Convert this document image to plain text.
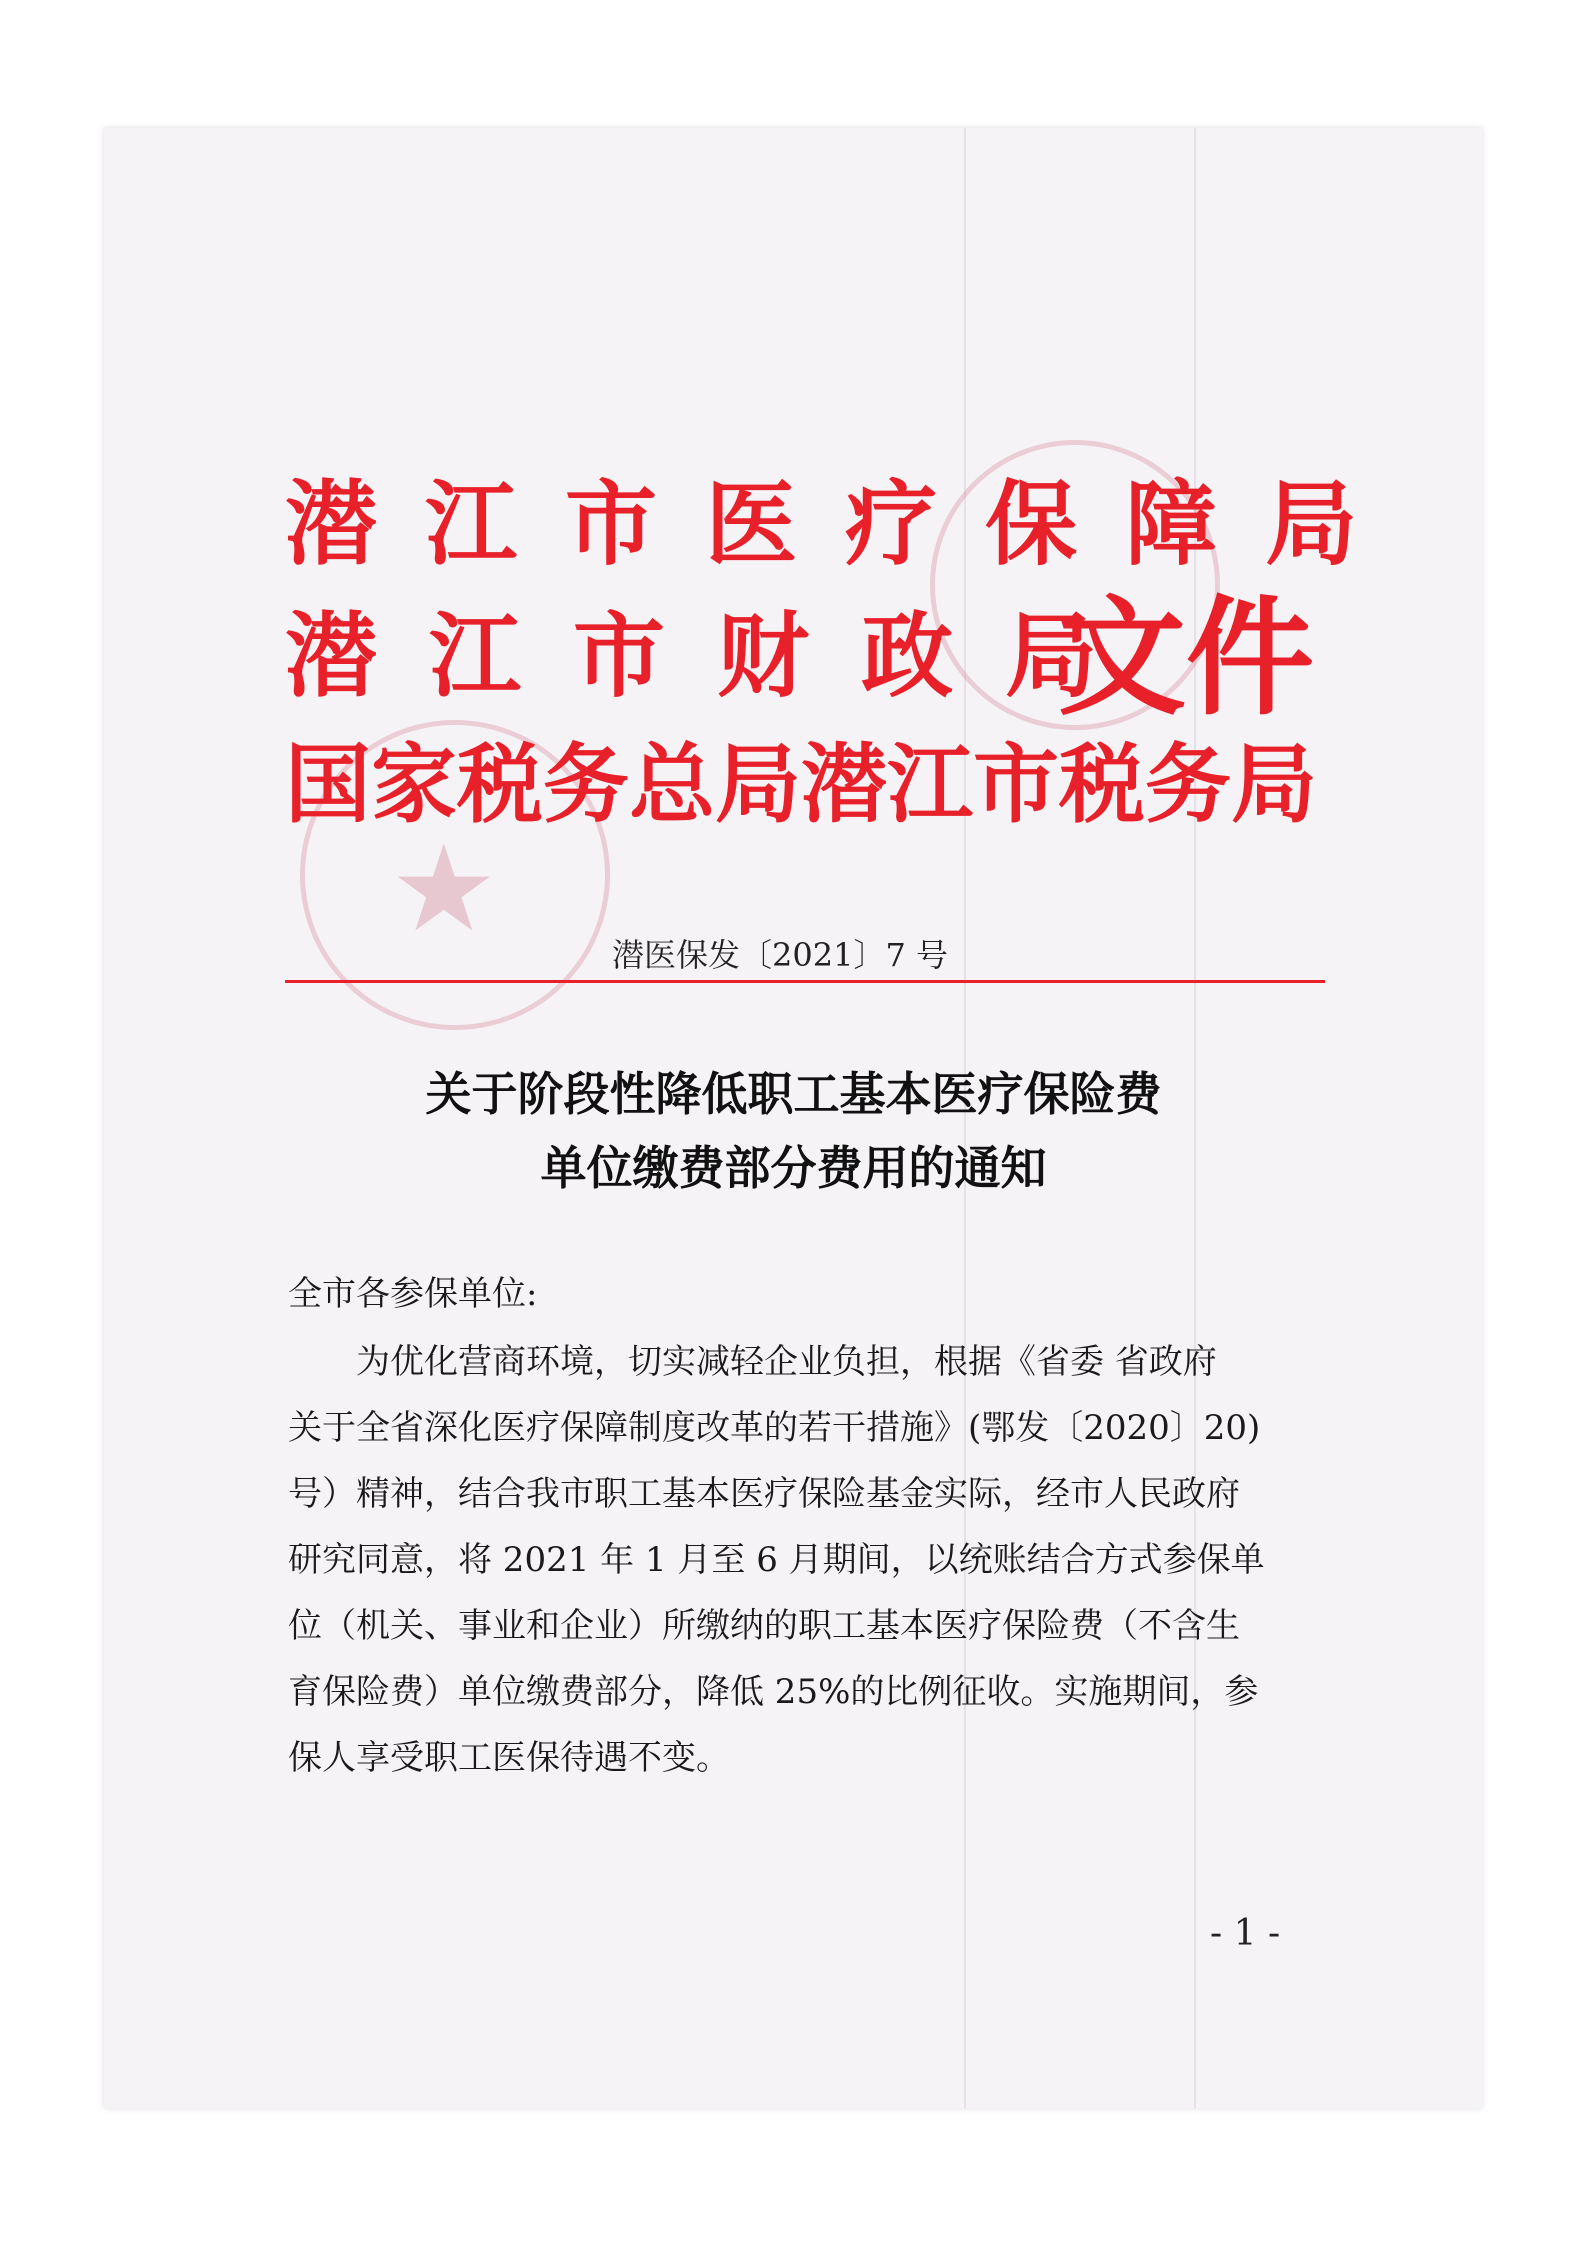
★
潜 江 市 医 疗 保 障 局
潜 江 市 财 政 局
国家税务总局潜江市税务局
文件
潜医保发〔2021〕7 号
关于阶段性降低职工基本医疗保险费
单位缴费部分费用的通知
全市各参保单位:
　　为优化营商环境，切实减轻企业负担，根据《省委 省政府
关于全省深化医疗保障制度改革的若干措施》(鄂发〔2020〕20)
号）精神，结合我市职工基本医疗保险基金实际，经市人民政府
研究同意，将 2021 年 1 月至 6 月期间，以统账结合方式参保单
位（机关、事业和企业）所缴纳的职工基本医疗保险费（不含生
育保险费）单位缴费部分，降低 25%的比例征收。实施期间，参
保人享受职工医保待遇不变。
- 1 -
